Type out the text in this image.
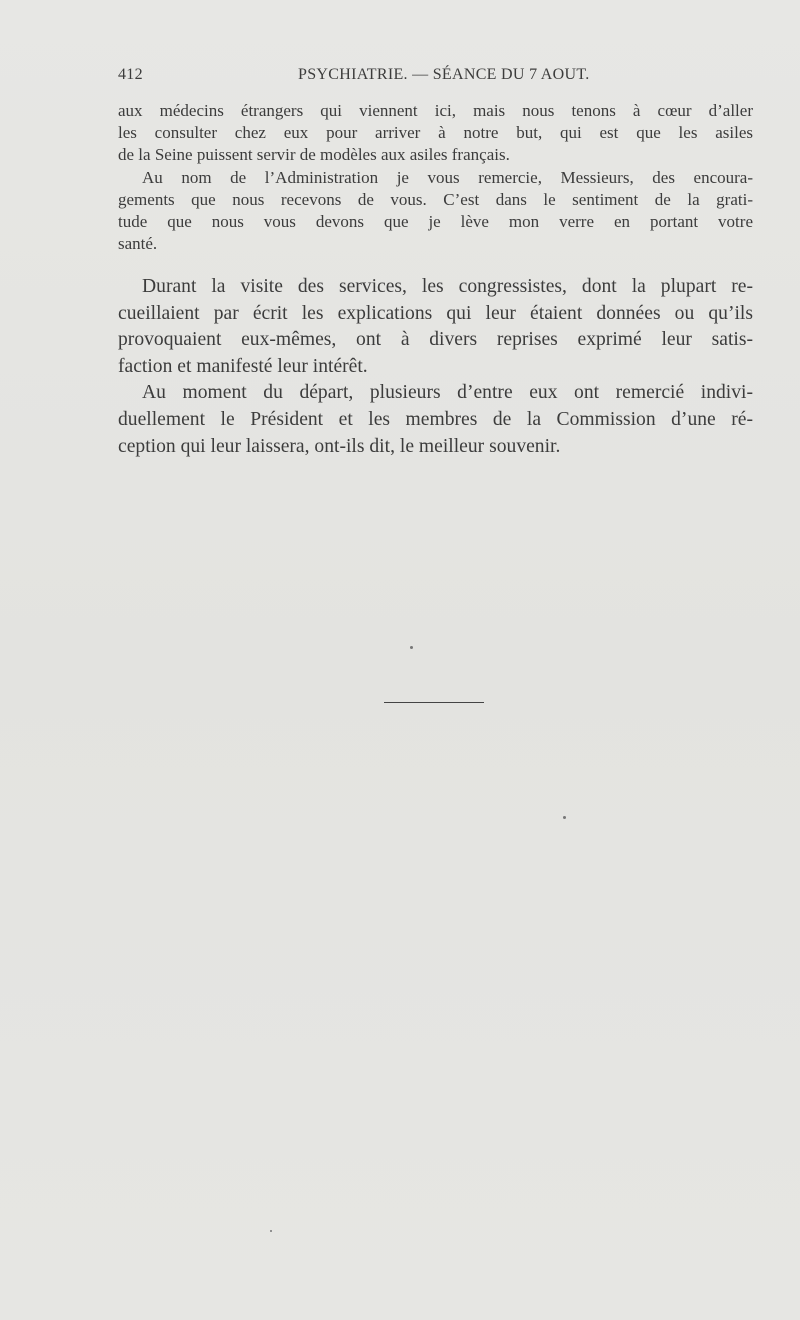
412	PSYCHIATRIE. — SÉANCE DU 7 AOUT.
aux médecins étrangers qui viennent ici, mais nous tenons à cœur d’aller
les consulter chez eux pour arriver à notre but, qui est que les asiles
de la Seine puissent servir de modèles aux asiles français.
Au nom de l’Administration je vous remercie, Messieurs, des encoura-
gements que nous recevons de vous. C’est dans le sentiment de la grati-
tude que nous vous devons que je lève mon verre en portant votre
santé.
Durant la visite des services, les congressistes, dont la plupart re-
cueillaient par écrit les explications qui leur étaient données ou qu’ils
provoquaient eux-mêmes, ont à divers reprises exprimé leur satis-
faction et manifesté leur intérêt.
Au moment du départ, plusieurs d’entre eux ont remercié indivi-
duellement le Président et les membres de la Commission d’une ré-
ception qui leur laissera, ont-ils dit, le meilleur souvenir.
